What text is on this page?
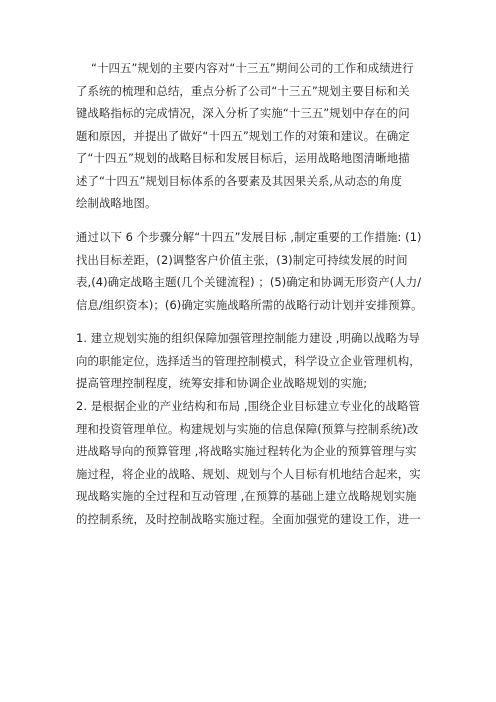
“十四五”规划的主要内容对“十三五”期间公司的工作和成绩进行
了系统的梳理和总结，重点分析了公司“十三五”规划主要目标和关
键战略指标的完成情况，深入分析了实施“十三五”规划中存在的问
题和原因，并提出了做好“十四五”规划工作的对策和建议。在确定
了“十四五”规划的战略目标和发展目标后，运用战略地图清晰地描
述了“十四五”规划目标体系的各要素及其因果关系,从动态的角度
绘制战略地图。
通过以下 6 个步骤分解“十四五”发展目标 ,制定重要的工作措施: (1)
找出目标差距，(2)调整客户价值主张，(3)制定可持续发展的时间
表,(4)确定战略主题(几个关键流程) ；(5)确定和协调无形资产(人力/
信息/组织资本)；(6)确定实施战略所需的战略行动计划并安排预算。
1. 建立规划实施的组织保障加强管理控制能力建设 ,明确以战略为导
向的职能定位，选择适当的管理控制模式，科学设立企业管理机构，
提高管理控制程度，统筹安排和协调企业战略规划的实施;
2. 是根据企业的产业结构和布局 ,围绕企业目标建立专业化的战略管
理和投资管理单位。构建规划与实施的信息保障(预算与控制系统)改
进战略导向的预算管理 ,将战略实施过程转化为企业的预算管理与实
施过程，将企业的战略、规划、规划与个人目标有机地结合起来，实
现战略实施的全过程和互动管理 ,在预算的基础上建立战略规划实施
的控制系统，及时控制战略实施过程。全面加强党的建设工作，进一
